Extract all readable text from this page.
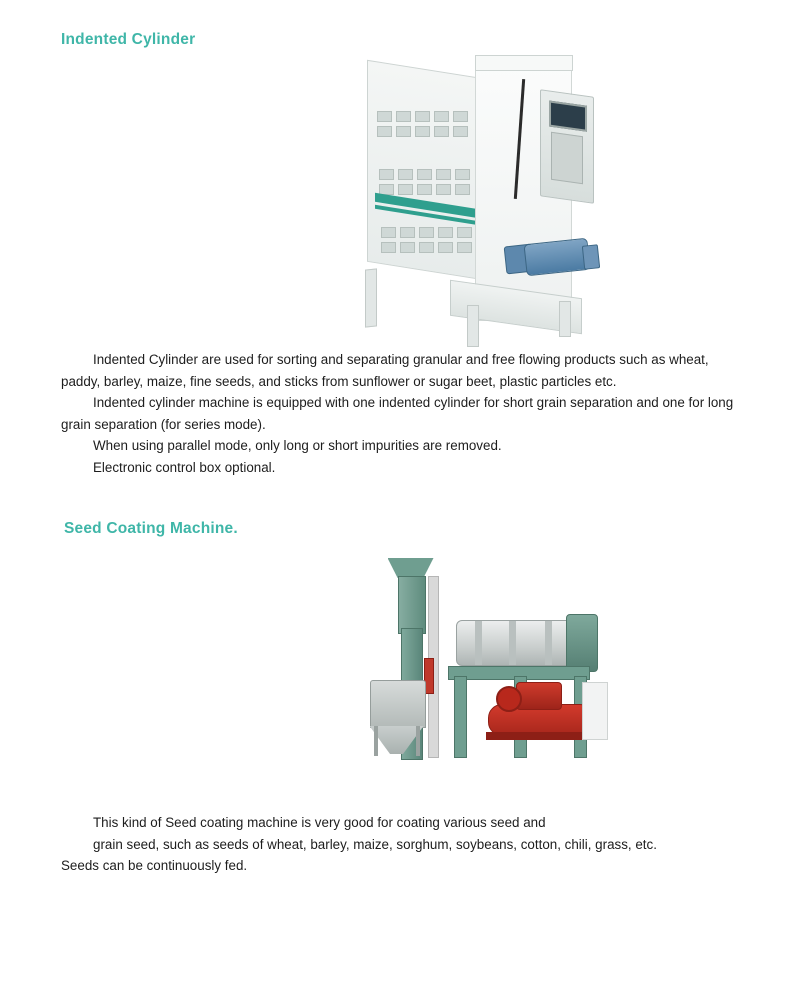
Indented Cylinder

Indented Cylinder are used for sorting and separating granular and free flowing products such as wheat, paddy, barley, maize, fine seeds, and sticks from sunflower or sugar beet, plastic particles etc.

Indented cylinder machine is equipped with one indented cylinder for short grain separation and one for long grain separation (for series mode).

When using parallel mode, only long or short impurities are removed.

Electronic control box optional.

Seed Coating Machine.

This kind of Seed coating machine is very good for coating various seed and

grain seed, such as seeds of wheat, barley, maize, sorghum, soybeans, cotton, chili, grass, etc.

Seeds can be continuously fed.
